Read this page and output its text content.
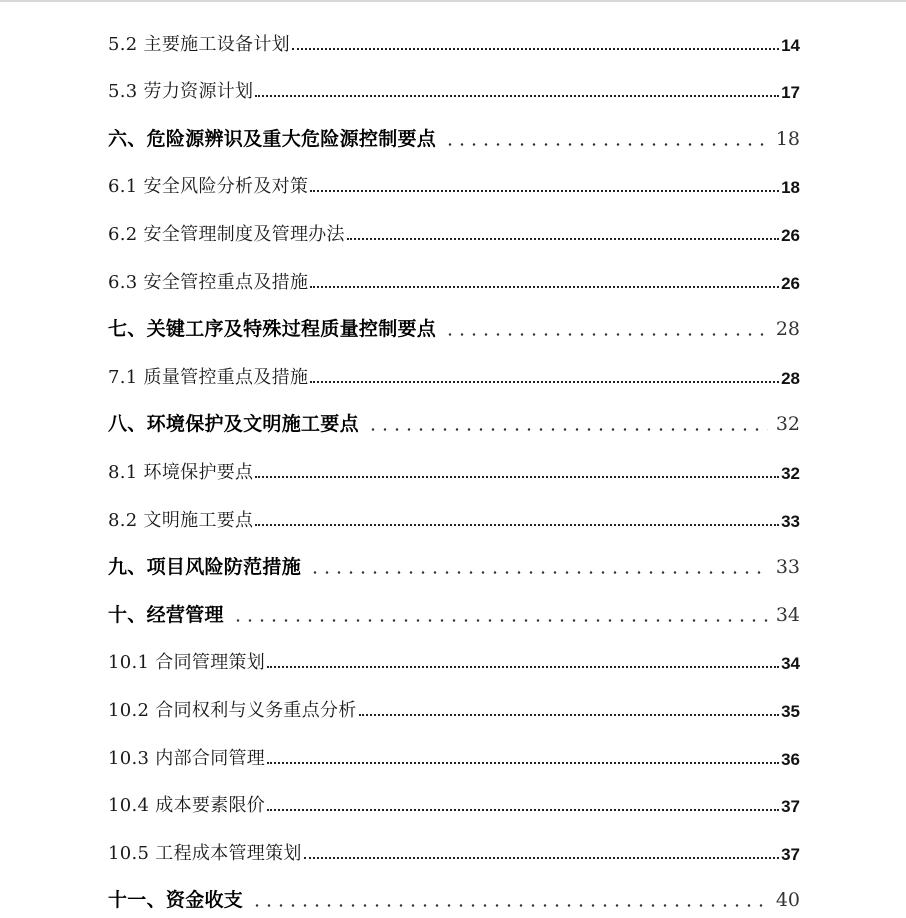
5.2 主要施工设备计划	14
5.3 劳力资源计划	17
六、危险源辨识及重大危险源控制要点	18
6.1 安全风险分析及对策	18
6.2 安全管理制度及管理办法	26
6.3 安全管控重点及措施	26
七、关键工序及特殊过程质量控制要点	28
7.1 质量管控重点及措施	28
八、环境保护及文明施工要点	32
8.1 环境保护要点	32
8.2 文明施工要点	33
九、项目风险防范措施	33
十、经营管理	34
10.1 合同管理策划	34
10.2 合同权利与义务重点分析	35
10.3 内部合同管理	36
10.4 成本要素限价	37
10.5 工程成本管理策划	37
十一、资金收支	40
